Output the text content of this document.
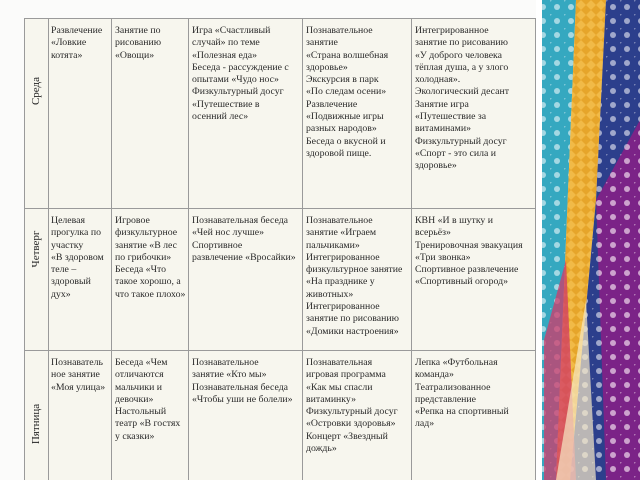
Среда
Развлечение
«Ловкие
котята»
Занятие по
рисованию
«Овощи»
Игра «Счастливый
случай» по теме
«Полезная еда»
Беседа - рассуждение с
опытами «Чудо нос»
Физкультурный досуг
«Путешествие в
осенний лес»
Познавательное
занятие
«Страна волшебная
здоровье»
Экскурсия в парк
«По следам осени»
Развлечение
«Подвижные игры
разных народов»
Беседа о вкусной и
здоровой пище.
Интегрированное
занятие по рисованию
«У доброго человека
тёплая душа, а у злого
холодная».
Экологический десант
Занятие игра
«Путешествие за
витаминами»
Физкультурный досуг
«Спорт - это сила и
здоровье»
Четверг
Целевая
прогулка по
участку
«В здоровом
теле –
здоровый
дух»
Игровое
физкультурное
занятие «В лес
по грибочки»
Беседа «Что
такое хорошо, а
что такое плохо»
Познавательная беседа
«Чей нос лучше»
Спортивное
развлечение «Вросайки»
Познавательное
занятие «Играем
пальчиками»
Интегрированное
физкультурное занятие
«На празднике у
животных»
Интегрированное
занятие по рисованию
«Домики настроения»
КВН «И в шутку и
всерьёз»
Тренировочная эвакуация
«Три звонка»
Спортивное развлечение
«Спортивный огород»
Пятница
Познаватель
ное занятие
«Моя улица»
Беседа «Чем
отличаются
мальчики и
девочки»
Настольный
театр «В гостях
у сказки»
Познавательное
занятие «Кто мы»
Познавательная беседа
«Чтобы уши не болели»
Познавательная
игровая программа
«Как мы спасли
витаминку»
Физкультурный досуг
«Островки здоровья»
Концерт «Звездный
дождь»
Лепка «Футбольная
команда»
Театрализованное
представление
«Репка на спортивный
лад»
